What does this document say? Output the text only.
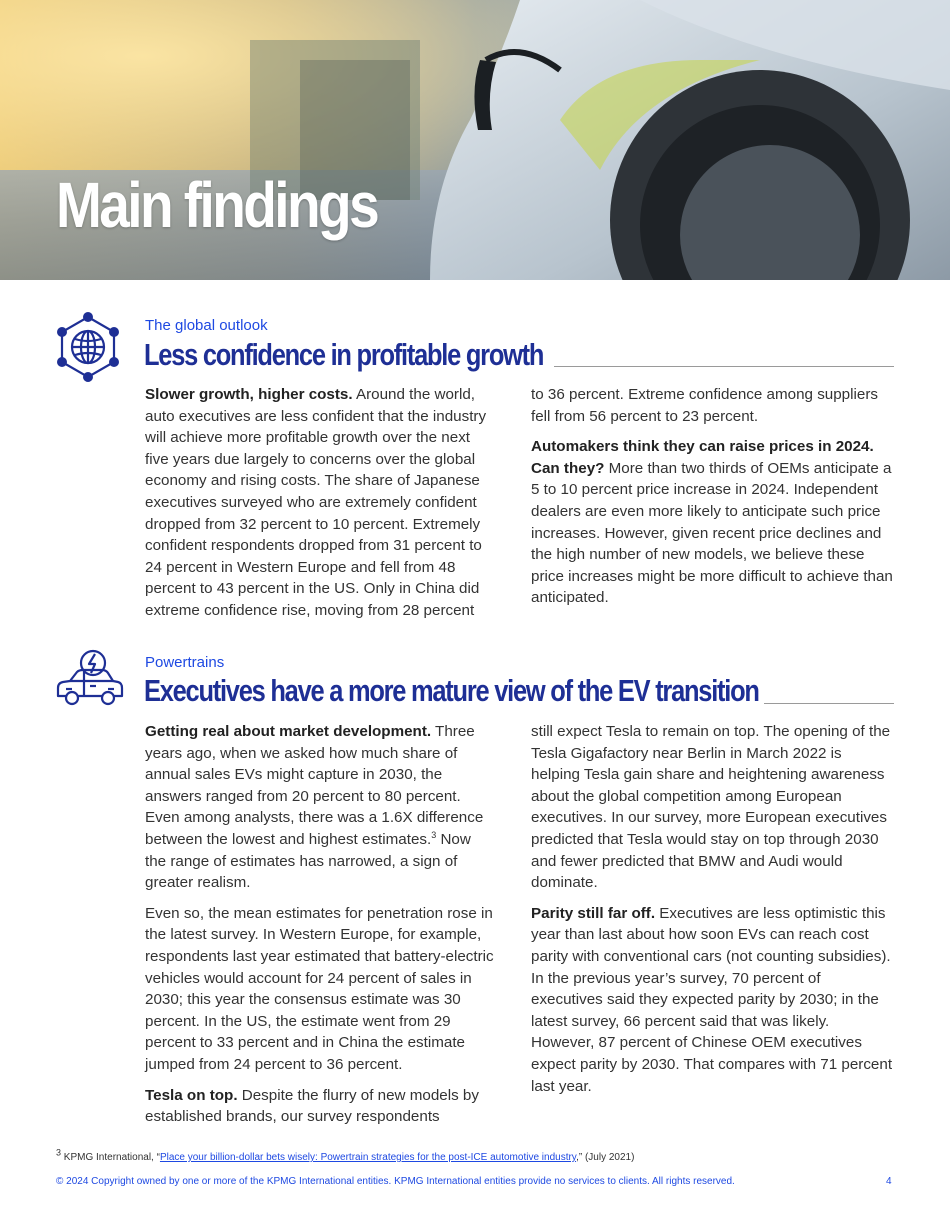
Main findings
The global outlook
Less confidence in profitable growth

Slower growth, higher costs. Around the world, auto executives are less confident that the industry will achieve more profitable growth over the next five years due largely to concerns over the global economy and rising costs. The share of Japanese executives surveyed who are extremely confident dropped from 32 percent to 10 percent. Extremely confident respondents dropped from 31 percent to 24 percent in Western Europe and fell from 48 percent to 43 percent in the US. Only in China did extreme confidence rise, moving from 28 percent

to 36 percent. Extreme confidence among suppliers fell from 56 percent to 23 percent.

Automakers think they can raise prices in 2024. Can they? More than two thirds of OEMs anticipate a 5 to 10 percent price increase in 2024. Independent dealers are even more likely to anticipate such price increases. However, given recent price declines and the high number of new models, we believe these price increases might be more difficult to achieve than anticipated.

Powertrains
Executives have a more mature view of the EV transition

Getting real about market development. Three years ago, when we asked how much share of annual sales EVs might capture in 2030, the answers ranged from 20 percent to 80 percent. Even among analysts, there was a 1.6X difference between the lowest and highest estimates.$^3$ Now the range of estimates has narrowed, a sign of greater realism.

Even so, the mean estimates for penetration rose in the latest survey. In Western Europe, for example, respondents last year estimated that battery-electric vehicles would account for 24 percent of sales in 2030; this year the consensus estimate was 30 percent. In the US, the estimate went from 29 percent to 33 percent and in China the estimate jumped from 24 percent to 36 percent.

Tesla on top. Despite the flurry of new models by established brands, our survey respondents

still expect Tesla to remain on top. The opening of the Tesla Gigafactory near Berlin in March 2022 is helping Tesla gain share and heightening awareness about the global competition among European executives. In our survey, more European executives predicted that Tesla would stay on top through 2030 and fewer predicted that BMW and Audi would dominate.

Parity still far off. Executives are less optimistic this year than last about how soon EVs can reach cost parity with conventional cars (not counting subsidies). In the previous year’s survey, 70 percent of executives said they expected parity by 2030; in the latest survey, 66 percent said that was likely. However, 87 percent of Chinese OEM executives expect parity by 2030. That compares with 71 percent last year.

$^3$ KPMG International, “Place your billion-dollar bets wisely: Powertrain strategies for the post-ICE automotive industry,” (July 2021)
© 2024 Copyright owned by one or more of the KPMG International entities. KPMG International entities provide no services to clients. All rights reserved.	4
